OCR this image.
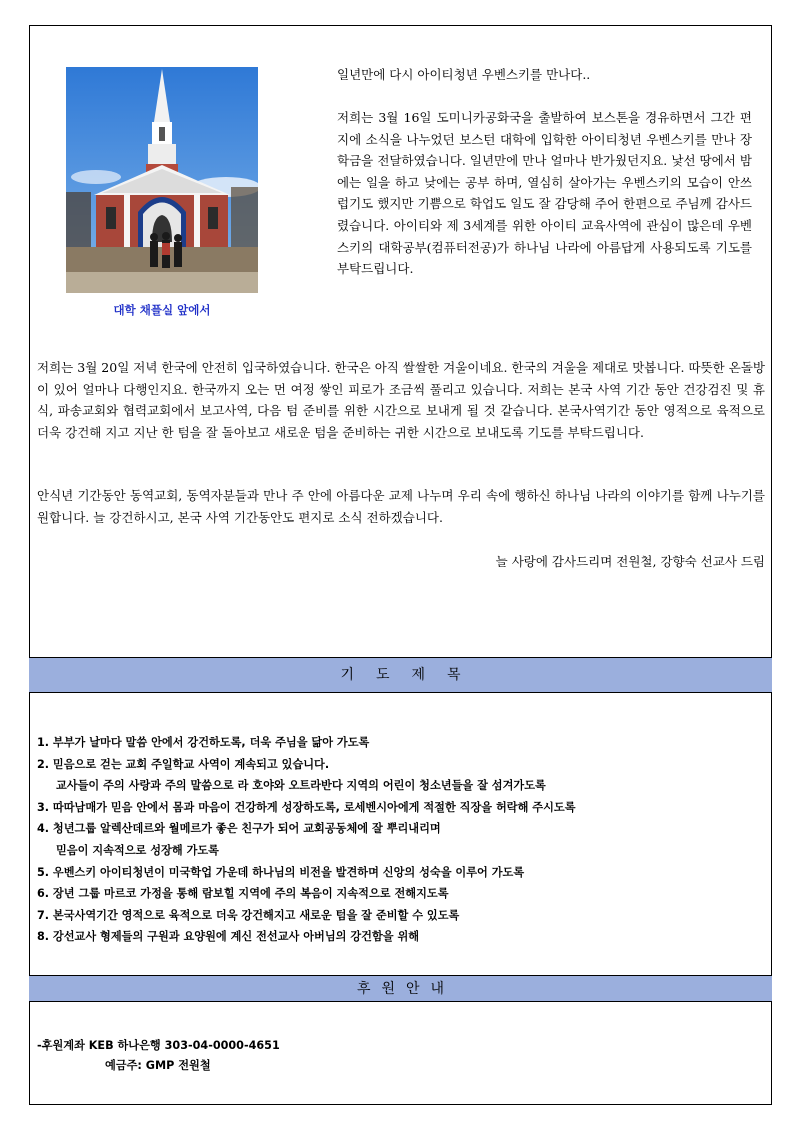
대학 채플실 앞에서
일년만에 다시 아이티청년 우벤스키를 만나다..
저희는 3월 16일 도미니카공화국을 출발하여 보스톤을 경유하면서 그간 편지에 소식을 나누었던 보스턴 대학에 입학한 아이티청년 우벤스키를 만나 장학금을 전달하였습니다. 일년만에 만나 얼마나 반가웠던지요. 낯선 땅에서 밤에는 일을 하고 낮에는 공부 하며, 열심히 살아가는 우벤스키의 모습이 안쓰럽기도 했지만 기쁨으로 학업도 일도 잘 감당해 주어 한편으로 주님께 감사드렸습니다. 아이티와 제 3세계를 위한 아이티 교육사역에 관심이 많은데 우벤스키의 대학공부(컴퓨터전공)가 하나님 나라에 아름답게 사용되도록 기도를 부탁드립니다.
저희는 3월 20일 저녁 한국에 안전히 입국하였습니다. 한국은 아직 쌀쌀한 겨울이네요. 한국의 겨울을 제대로 맛봅니다. 따뜻한 온돌방이 있어 얼마나 다행인지요. 한국까지 오는 먼 여정 쌓인 피로가 조금씩 풀리고 있습니다. 저희는 본국 사역 기간 동안 건강검진 및 휴식, 파송교회와 협력교회에서 보고사역, 다음 텀 준비를 위한 시간으로 보내게 될 것 같습니다. 본국사역기간 동안 영적으로 육적으로 더욱 강건해 지고 지난 한 텀을 잘 돌아보고 새로운 텀을 준비하는 귀한 시간으로 보내도록 기도를 부탁드립니다.
안식년 기간동안 동역교회, 동역자분들과 만나 주 안에 아름다운 교제 나누며 우리 속에 행하신 하나님 나라의 이야기를 함께 나누기를 원합니다. 늘 강건하시고, 본국 사역 기간동안도 편지로 소식 전하겠습니다.
늘 사랑에 감사드리며 전원철, 강향숙 선교사 드림
기도제목
1. 부부가 날마다 말씀 안에서 강건하도록, 더욱 주님을 닮아 가도록
2. 믿음으로 걷는 교회 주일학교 사역이 계속되고 있습니다.
교사들이 주의 사랑과 주의 말씀으로 라 호야와 오트라반다 지역의 어린이 청소년들을 잘 섬겨가도록
3. 따따남매가 믿음 안에서 몸과 마음이 건강하게 성장하도록, 로세벤시아에게 적절한 직장을 허락해 주시도록
4. 청년그룹 알렉산데르와 월메르가 좋은 친구가 되어 교회공동체에 잘 뿌리내리며
믿음이 지속적으로 성장해 가도록
5. 우벤스키 아이티청년이 미국학업 가운데 하나님의 비전을 발견하며 신앙의 성숙을 이루어 가도록
6. 장년 그룹 마르코 가정을 통해 람보힐 지역에 주의 복음이 지속적으로 전해지도록
7. 본국사역기간 영적으로 육적으로 더욱 강건해지고 새로운 텀을 잘 준비할 수 있도록
8. 강선교사 형제들의 구원과 요양원에 계신 전선교사 아버님의 강건함을 위해
후원안내
-후원계좌 KEB 하나은행 303-04-0000-4651
예금주: GMP 전원철
